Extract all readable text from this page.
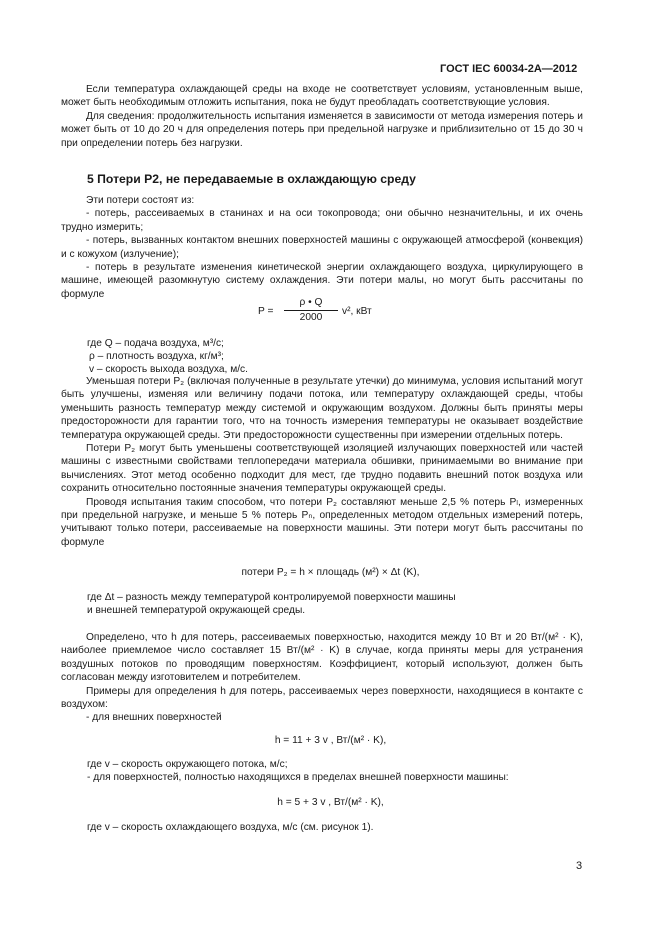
ГОСТ IEC 60034-2A—2012

Если температура охлаждающей среды на входе не соответствует условиям, установленным выше, может быть необходимым отложить испытания, пока не будут преобладать соответствующие условия.

Для сведения: продолжительность испытания изменяется в зависимости от метода измерения потерь и может быть от 10 до 20 ч для определения потерь при предельной нагрузке и приблизительно от 15 до 30 ч при определении потерь без нагрузки.

5 Потери Р2, не передаваемые в охлаждающую среду

Эти потери состоят из:

- потерь, рассеиваемых в станинах и на оси токопровода; они обычно незначительны, и их очень трудно измерить;

- потерь, вызванных контактом внешних поверхностей машины с окружающей атмосферой (конвекция) и с кожухом (излучение);

- потерь в результате изменения кинетической энергии охлаждающего воздуха, циркулирующего в машине, имеющей разомкнутую систему охлаждения. Эти потери малы, но могут быть рассчитаны по формуле

P =
ρ • Q
2000
v², кВт
где Q – подача воздуха, м³/с;
ρ – плотность воздуха, кг/м³;
v – скорость выхода воздуха, м/с.

Уменьшая потери P₂ (включая полученные в результате утечки) до минимума, условия испытаний могут быть улучшены, изменяя или величину подачи потока, или температуру охлаждающей среды, чтобы уменьшить разность температур между системой и окружающим воздухом. Должны быть приняты меры предосторожности для гарантии того, что на точность измерения температуры не оказывает воздействие температура окружающей среды. Эти предосторожности существенны при измерении отдельных потерь.

Потери P₂ могут быть уменьшены соответствующей изоляцией излучающих поверхностей или частей машины с известными свойствами теплопередачи материала обшивки, принимаемыми во внимание при вычислениях. Этот метод особенно подходит для мест, где трудно подавить внешний поток воздуха или сохранить относительно постоянные значения температуры окружающей среды.

Проводя испытания таким способом, что потери P₂ составляют меньше 2,5 % потерь Pₗ, измеренных при предельной нагрузке, и меньше 5 % потерь Pₙ, определенных методом отдельных измерений потерь, учитывают только потери, рассеиваемые на поверхности машины. Эти потери могут быть рассчитаны по формуле

потери P₂ = h × площадь (м²) × Δt (K),
где Δt – разность между температурой контролируемой поверхности машины
и внешней температурой окружающей среды.

Определено, что h для потерь, рассеиваемых поверхностью, находится между 10 Вт и 20 Вт/(м² · K), наиболее приемлемое число составляет 15 Вт/(м² · K) в случае, когда приняты меры для устранения воздушных потоков по проводящим поверхностям. Коэффициент, который используют, должен быть согласован между изготовителем и потребителем.

Примеры для определения h для потерь, рассеиваемых через поверхности, находящиеся в контакте с воздухом:

- для внешних поверхностей

h = 11 + 3 v , Вт/(м² · K),
где v – скорость окружающего потока, м/с;
- для поверхностей, полностью находящихся в пределах внешней поверхности машины:
h = 5 + 3 v , Вт/(м² · K),
где v – скорость охлаждающего воздуха, м/с (см. рисунок 1).
3
